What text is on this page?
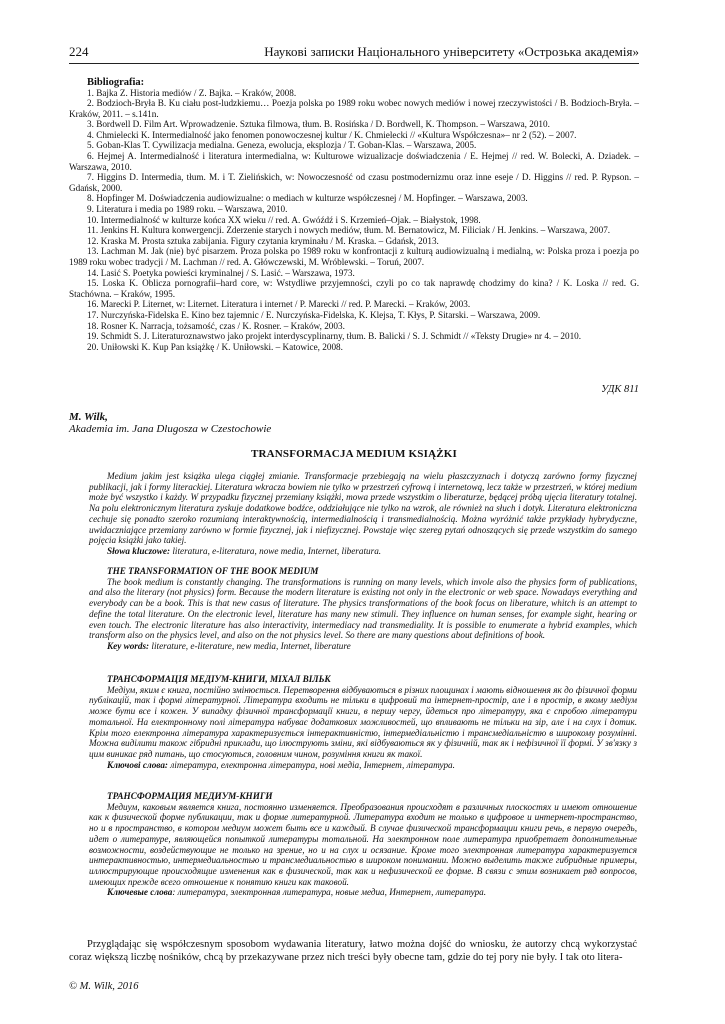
224	Наукові записки Національного університету «Острозька академія»
Bibliografia:
1. Bajka Z. Historia mediów / Z. Bajka. – Kraków, 2008.
2. Bodzioch-Bryła B. Ku ciału post-ludzkiemu… Poezja polska po 1989 roku wobec nowych mediów i nowej rzeczywistości / B. Bodzioch-Bryła. – Kraków, 2011. – s.141n.
3. Bordwell D. Film Art. Wprowadzenie. Sztuka filmowa, tłum. B. Rosińska / D. Bordwell, K. Thompson. – Warszawa, 2010.
4. Chmielecki K. Intermedialność jako fenomen ponowoczesnej kultur / K. Chmielecki // «Kultura Współczesna»– nr 2 (52). – 2007.
5. Goban-Klas T. Cywilizacja medialna. Geneza, ewolucja, eksplozja / T. Goban-Klas. – Warszawa, 2005.
6. Hejmej A. Intermedialność i literatura intermedialna, w: Kulturowe wizualizacje doświadczenia / E. Hejmej // red. W. Bolecki, A. Dziadek. – Warszawa, 2010.
7. Higgins D. Intermedia, tłum. M. i T. Zielińskich, w: Nowoczesność od czasu postmodernizmu oraz inne eseje / D. Higgins // red. P. Rypson. – Gdańsk, 2000.
8. Hopfinger M. Doświadczenia audiowizualne: o mediach w kulturze współczesnej / M. Hopfinger. – Warszawa, 2003.
9. Literatura i media po 1989 roku. – Warszawa, 2010.
10. Intermedialność w kulturze końca XX wieku // red. A. Gwóźdź i S. Krzemień–Ojak. – Białystok, 1998.
11. Jenkins H. Kultura konwergencji. Zderzenie starych i nowych mediów, tłum. M. Bernatowicz, M. Filiciak / H. Jenkins. – Warszawa, 2007.
12. Kraska M. Prosta sztuka zabijania. Figury czytania kryminału / M. Kraska. – Gdańsk, 2013.
13. Lachman M. Jak (nie) być pisarzem. Proza polska po 1989 roku w konfrontacji z kulturą audiowizualną i medialną, w: Polska proza i poezja po 1989 roku wobec tradycji / M. Lachman // red. A. Główczewski, M. Wróblewski. – Toruń, 2007.
14. Lasić S. Poetyka powieści kryminalnej / S. Lasić. – Warszawa, 1973.
15. Loska K. Oblicza pornografii–hard core, w: Wstydliwe przyjemności, czyli po co tak naprawdę chodzimy do kina? / K. Loska // red. G. Stachówna. – Kraków, 1995.
16. Marecki P. Liternet, w: Liternet. Literatura i internet / P. Marecki // red. P. Marecki. – Kraków, 2003.
17. Nurczyńska-Fidelska E. Kino bez tajemnic / E. Nurczyńska-Fidelska, K. Klejsa, T. Kłys, P. Sitarski. – Warszawa, 2009.
18. Rosner K. Narracja, tożsamość, czas / K. Rosner. – Kraków, 2003.
19. Schmidt S. J. Literaturoznawstwo jako projekt interdyscyplinarny, tłum. B. Balicki / S. J. Schmidt // «Teksty Drugie» nr 4. – 2010.
20. Uniłowski K. Kup Pan książkę / K. Uniłowski. – Katowice, 2008.
УДК 811
M. Wilk,
Akademia im. Jana Dlugosza w Czestochowie
TRANSFORMACJA MEDIUM KSIĄŻKI

Medium jakim jest książka ulega ciągłej zmianie. Transformacje przebiegają na wielu płaszczyznach i dotyczą zarówno formy fizycznej publikacji, jak i formy literackiej. Literatura wkracza bowiem nie tylko w przestrzeń cyfrową i internetową, lecz także w przestrzeń, w której medium może być wszystko i każdy. W przypadku fizycznej przemiany książki, mowa przede wszystkim o liberaturze, będącej próbą ujęcia literatury totalnej. Na polu elektronicznym literatura zyskuje dodatkowe bodźce, oddziałujące nie tylko na wzrok, ale również na słuch i dotyk. Literatura elektroniczna cechuje się ponadto szeroko rozumianą interaktywnością, intermedialnością i transmedialnością. Można wyróżnić także przykłady hybrydyczne, uwidaczniające przemiany zarówno w formie fizycznej, jak i niefizycznej. Powstaje więc szereg pytań odnoszących się przede wszystkim do samego pojęcia książki jako takiej.

Słowa kluczowe: literatura, e-literatura, nowe media, Internet, liberatura.

THE TRANSFORMATION OF THE BOOK MEDIUM

The book medium is constantly changing. The transformations is running on many levels, which invole also the physics form of publications, and also the literary (not physics) form. Because the modern literature is existing not only in the electronic or web space. Nowadays everything and everybody can be a book. This is that new casus of literature. The physics transformations of the book focus on liberature, whitch is an attempt to define the total literature. On the electronic level, literature has many new stimuli. They influence on human senses, for example sight, hearing or even touch. The electronic literature has also interactivity, intermediacy nad transmediality. It is possible to enumerate a hybrid examples, which transform also on the physics level, and also on the not physics level. So there are many questions about definitions of book.

Key words: literature, e-literature, new media, Internet, liberature

ТРАНСФОРМАЦІЯ МЕДІУМ-КНИГИ, МІХАЛ ВІЛЬК

Медіум, яким є книга, постійно змінюється. Перетворення відбуваються в різних площинах і мають відношення як до фізичної форми публікацій, так і формі літературної. Література входить не тільки в цифровий та інтернет-простір, але і в простір, в якому медіум може бути все і кожен. У випадку фізичної трансформації книги, в першу чергу, йдеться про літературу, яка є спробою літератури тотальної. На електронному полі література набуває додаткових можливостей, що впливають не тільки на зір, але і на слух і дотик. Крім того електронна література характеризується інтерактивністю, інтермедіальністю і трансмедіальністю в широкому розумінні. Можна виділити також гібридні приклади, що ілюструють зміни, які відбуваються як у фізичній, так як і нефізичної її формі. У зв'язку з цим виникає ряд питань, що стосуються, головним чином, розуміння книги як такої.

Ключові слова: література, електронна література, нові медіа, Інтернет, література.

ТРАНСФОРМАЦИЯ МЕДИУМ-КНИГИ

Медиум, каковым является книга, постоянно изменяется. Преобразования происходят в различных плоскостях и имеют отношение как к физической форме публикации, так и форме литературной. Литература входит не только в цифровое и интернет-пространство, но и в пространство, в котором медиум может быть все и каждый. В случае физической трансформации книги речь, в первую очередь, идет о литературе, являющейся попыткой литературы тотальной. На электронном поле литература приобретает дополнительные возможности, воздействующие не только на зрение, но и на слух и осязание. Кроме того электронная литература характеризуется интерактивностью, интермедиальностью и трансмедиальностью в широком понимании. Можно выделить также гибридные примеры, иллюстрирующие происходящие изменения как в физической, так как и нефизической ее форме. В связи с этим возникает ряд вопросов, имеющих прежде всего отношение к понятию книги как таковой.

Ключевые слова: литература, электронная литература, новые медиа, Интернет, литература.

Przyglądając się współczesnym sposobom wydawania literatury, łatwo można dojść do wniosku, że autorzy chcą wykorzystać coraz większą liczbę nośników, chcą by przekazywane przez nich treści były obecne tam, gdzie do tej pory nie były. I tak oto litera-

© M. Wilk, 2016
